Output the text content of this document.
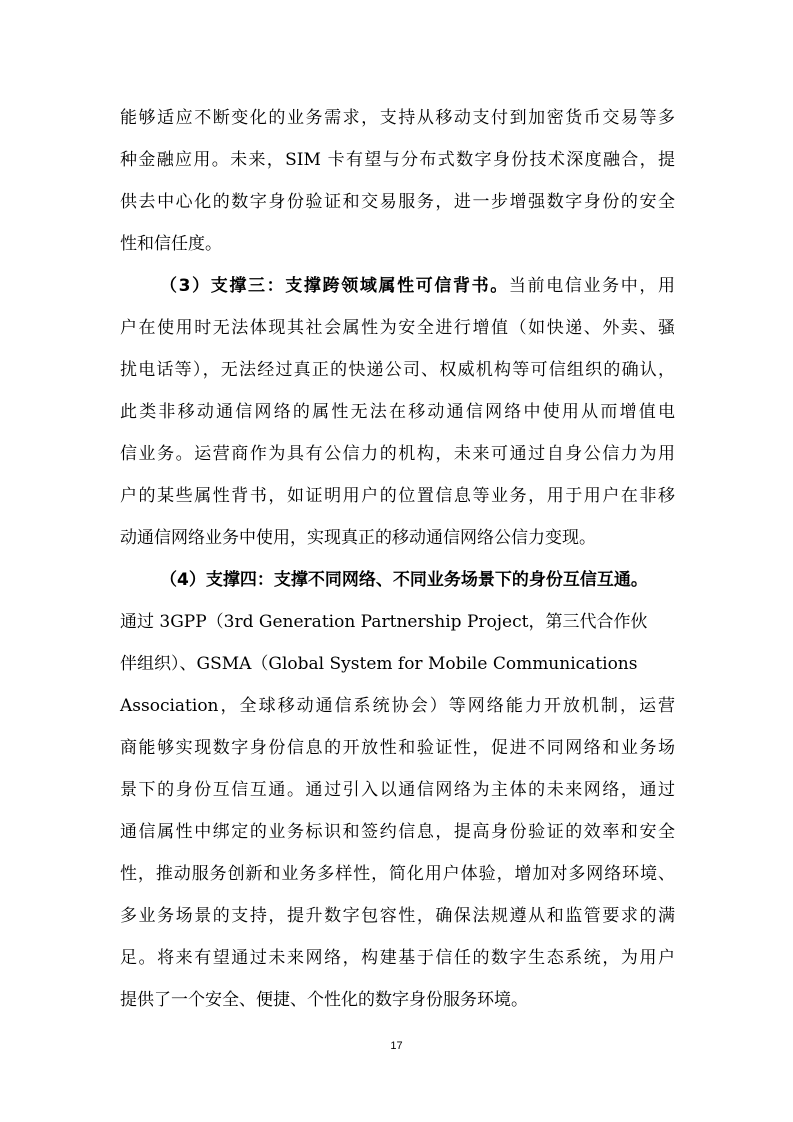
能够适应不断变化的业务需求，支持从移动支付到加密货币交易等多
种金融应用。未来，SIM 卡有望与分布式数字身份技术深度融合，提
供去中心化的数字身份验证和交易服务，进一步增强数字身份的安全
性和信任度。
（3）支撑三：支撑跨领域属性可信背书。当前电信业务中，用
户在使用时无法体现其社会属性为安全进行增值（如快递、外卖、骚
扰电话等），无法经过真正的快递公司、权威机构等可信组织的确认，
此类非移动通信网络的属性无法在移动通信网络中使用从而增值电
信业务。运营商作为具有公信力的机构，未来可通过自身公信力为用
户的某些属性背书，如证明用户的位置信息等业务，用于用户在非移
动通信网络业务中使用，实现真正的移动通信网络公信力变现。
（4）支撑四：支撑不同网络、不同业务场景下的身份互信互通。
通过 3GPP（3rd Generation Partnership Project，第三代合作伙
伴组织）、GSMA（Global System for Mobile Communications
Association，全球移动通信系统协会）等网络能力开放机制，运营
商能够实现数字身份信息的开放性和验证性，促进不同网络和业务场
景下的身份互信互通。通过引入以通信网络为主体的未来网络，通过
通信属性中绑定的业务标识和签约信息，提高身份验证的效率和安全
性，推动服务创新和业务多样性，简化用户体验，增加对多网络环境、
多业务场景的支持，提升数字包容性，确保法规遵从和监管要求的满
足。将来有望通过未来网络，构建基于信任的数字生态系统，为用户
提供了一个安全、便捷、个性化的数字身份服务环境。
17
